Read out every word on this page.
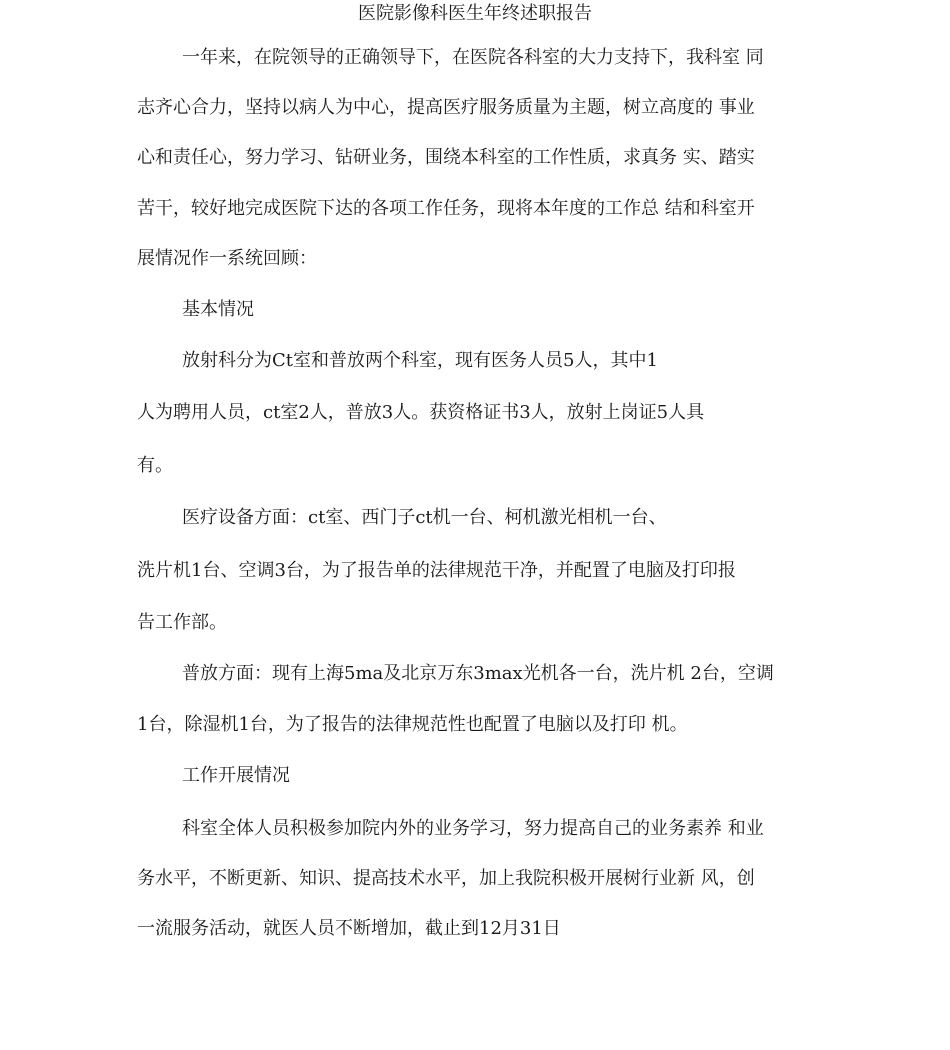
医院影像科医生年终述职报告
一年来，在院领导的正确领导下，在医院各科室的大力支持下，我科室 同
志齐心合力，坚持以病人为中心，提高医疗服务质量为主题，树立高度的 事业
心和责任心，努力学习、钻研业务，围绕本科室的工作性质，求真务 实、踏实
苦干，较好地完成医院下达的各项工作任务，现将本年度的工作总 结和科室开
展情况作一系统回顾：
基本情况
放射科分为Ct室和普放两个科室，现有医务人员5人，其中1
人为聘用人员，ct室2人，普放3人。获资格证书3人，放射上岗证5人具
有。
医疗设备方面：ct室、西门子ct机一台、柯机激光相机一台、
洗片机1台、空调3台，为了报告单的法律规范干净，并配置了电脑及打印报
告工作部。
普放方面：现有上海5ma及北京万东3max光机各一台，洗片机 2台，空调
1台，除湿机1台，为了报告的法律规范性也配置了电脑以及打印 机。
工作开展情况
科室全体人员积极参加院内外的业务学习，努力提高自己的业务素养 和业
务水平，不断更新、知识、提高技术水平，加上我院积极开展树行业新 风，创
一流服务活动，就医人员不断增加，截止到12月31日
